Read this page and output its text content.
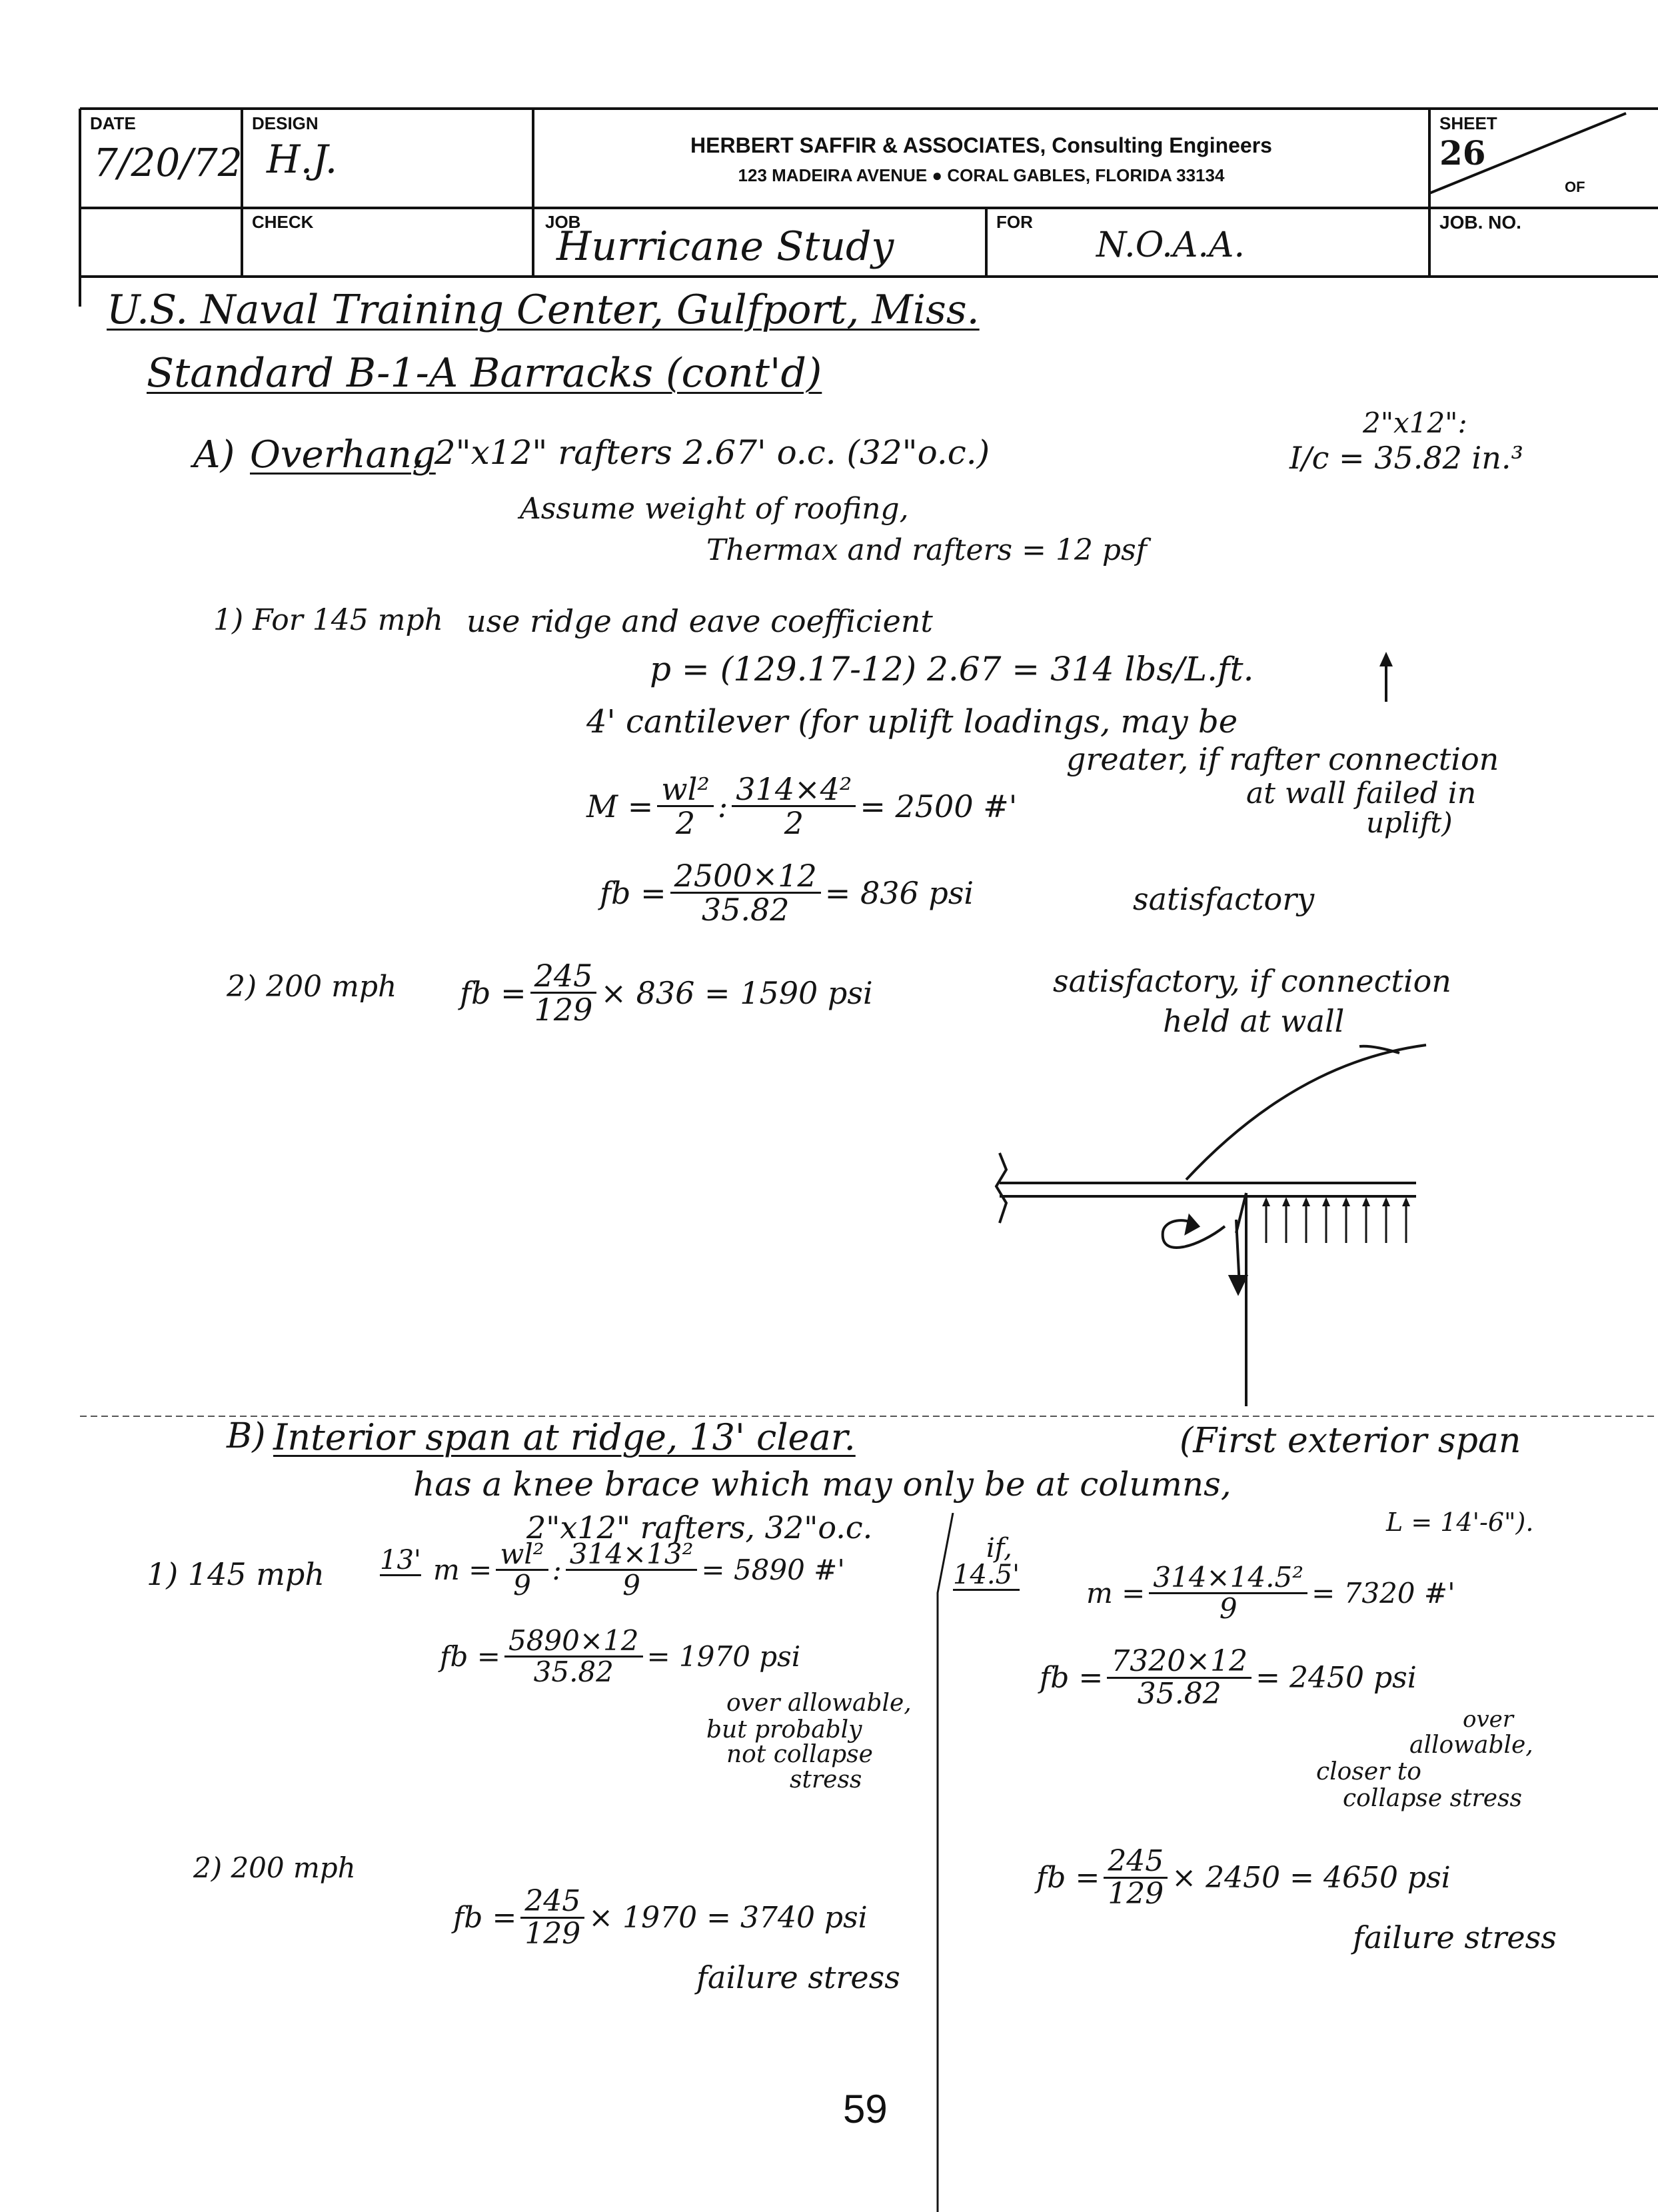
DATE
7/20/72
DESIGN
H.J.
CHECK
HERBERT SAFFIR & ASSOCIATES, Consulting Engineers
123 MADEIRA AVENUE ● CORAL GABLES, FLORIDA 33134
JOB
Hurricane Study
FOR
N.O.A.A.
SHEET
26
OF
JOB. NO.
U.S. Naval Training Center, Gulfport, Miss.
Standard B-1-A Barracks (cont'd)
A) Overhang
, 2"x12" rafters 2.67' o.c. (32"o.c.)
2"x12":
I/c = 35.82 in.³
Assume weight of roofing,
Thermax and rafters = 12 psf
1) For 145 mph use ridge and eave coefficient
p = (129.17-12) 2.67 = 314 lbs/L.ft.
4' cantilever (for uplift loadings, may be
greater, if rafter connection
at wall failed in
uplift)
$M = \frac{\text{wl²}}{2}$ : $\frac{\text{314×4²}}{2} = 2500$ #'
fb = $\frac{2500\times 12}{35.82} = 836$ psi	satisfactory
2) 200 mph fb = $\frac{245}{129} \times 836 = 1590$ psi	satisfactory, if connection
held at wall
B) Interior span at ridge, 13' clear.	(First exterior span
has a knee brace which may only be at columns,
L = 14'-6").
2"x12" rafters, 32"o.c.
1) 145 mph 13' $m = \frac{\text{wl²}}{9}$ : $\frac{\text{314×13²}}{9} = 5890$ #'
fb = $\frac{5890\times 12}{35.82} = 1970$ psi
over allowable,
but probably
not collapse
stress
if,
14.5'
$m = \frac{\text{314×14.5²}}{9} = 7320$ #'
fb = $\frac{7320\times 12}{35.82} = 2450$ psi
over
allowable,
closer to
collapse stress
2) 200 mph
fb = $\frac{245}{129} \times 1970 = 3740$ psi
failure stress
fb = $\frac{245}{129} \times 2450 = 4650$ psi
failure stress
59
